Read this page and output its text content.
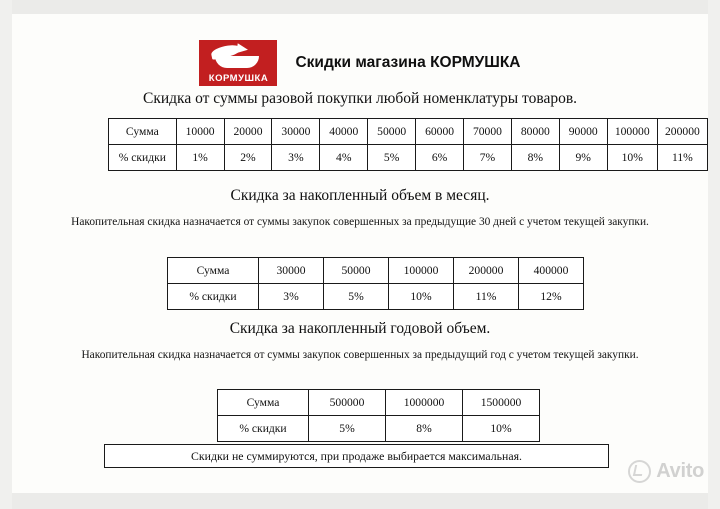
КОРМУШКА
Скидки магазина КОРМУШКА
Скидка от суммы разовой покупки любой номенклатуры товаров.
Сумма	10000	20000	30000	40000	50000	60000	70000	80000	90000	100000	200000
% скидки	1%	2%	3%	4%	5%	6%	7%	8%	9%	10%	11%
Скидка за накопленный объем в месяц.
Накопительная скидка назначается от суммы закупок совершенных за предыдущие 30 дней с учетом текущей закупки.
Сумма	30000	50000	100000	200000	400000
% скидки	3%	5%	10%	11%	12%
Скидка за накопленный годовой объем.
Накопительная скидка назначается от суммы закупок совершенных за предыдущий год с учетом текущей закупки.
Сумма	500000	1000000	1500000
% скидки	5%	8%	10%
Скидки не суммируются, при продаже выбирается максимальная.
Avito
